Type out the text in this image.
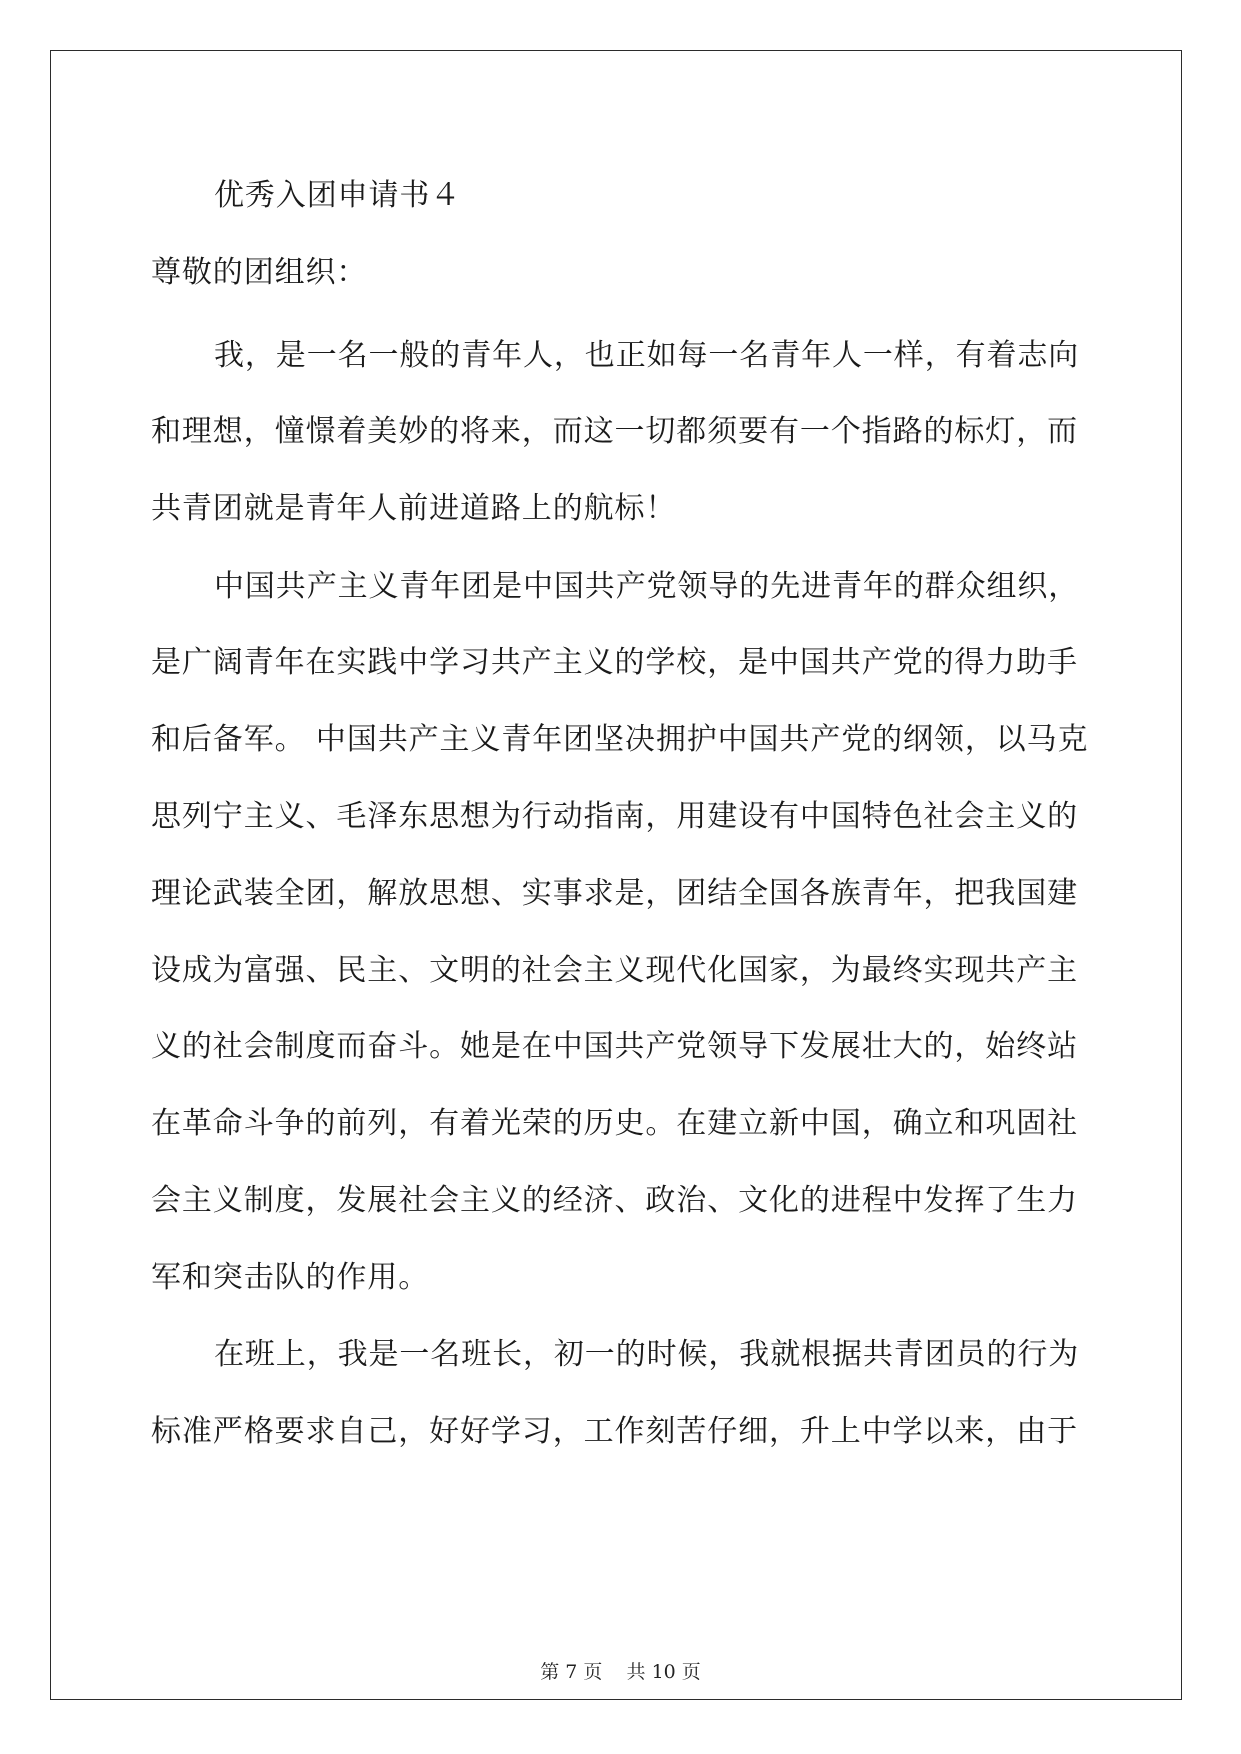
优秀入团申请书４
尊敬的团组织：
我，是一名一般的青年人，也正如每一名青年人一样，有着志向
和理想，憧憬着美妙的将来，而这一切都须要有一个指路的标灯，而
共青团就是青年人前进道路上的航标！
中国共产主义青年团是中国共产党领导的先进青年的群众组织，
是广阔青年在实践中学习共产主义的学校，是中国共产党的得力助手
和后备军。 中国共产主义青年团坚决拥护中国共产党的纲领，以马克
思列宁主义、毛泽东思想为行动指南，用建设有中国特色社会主义的
理论武装全团，解放思想、实事求是，团结全国各族青年，把我国建
设成为富强、民主、文明的社会主义现代化国家，为最终实现共产主
义的社会制度而奋斗。她是在中国共产党领导下发展壮大的，始终站
在革命斗争的前列，有着光荣的历史。在建立新中国，确立和巩固社
会主义制度，发展社会主义的经济、政治、文化的进程中发挥了生力
军和突击队的作用。
在班上，我是一名班长，初一的时候，我就根据共青团员的行为
标准严格要求自己，好好学习，工作刻苦仔细，升上中学以来，由于
第 7 页 共 10 页
